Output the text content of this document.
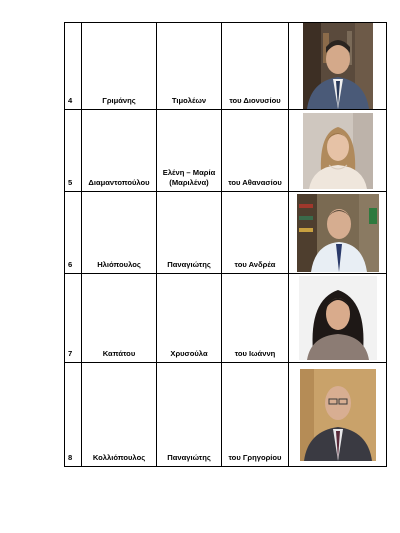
4	Γριμάνης	Τιμολέων	του Διονυσίου	

5	Διαμαντοπούλου	Ελένη – Μαρία (Μαριλένα)	του Αθανασίου	

6	Ηλιόπουλος	Παναγιώτης	του Ανδρέα	

7	Καπάτου	Χρυσούλα	του Ιωάννη	

8	Κολλιόπουλος	Παναγιώτης	του Γρηγορίου	
